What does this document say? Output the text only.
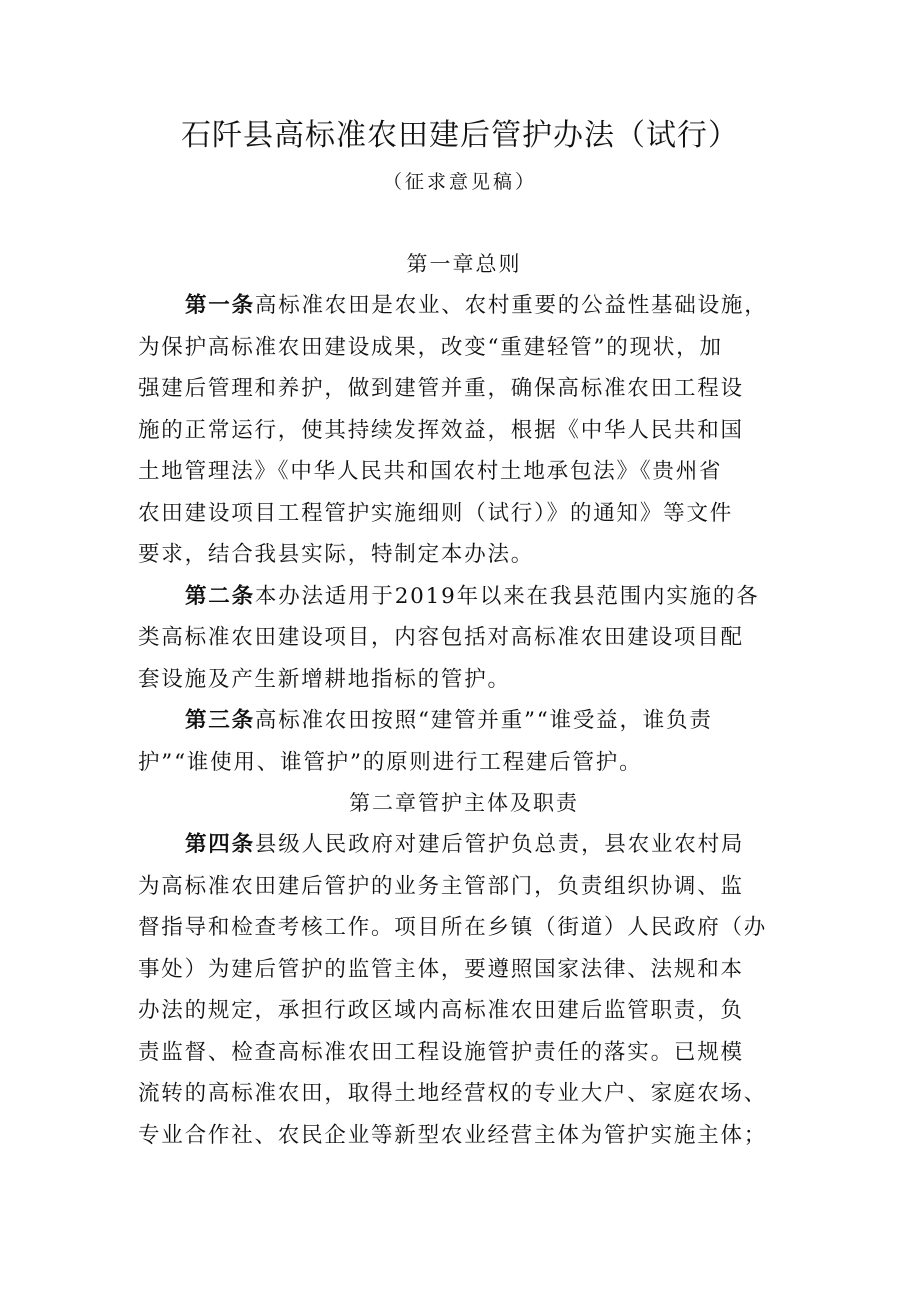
石阡县高标准农田建后管护办法（试行）
（征求意见稿）
第一章总则
第一条高标准农田是农业、农村重要的公益性基础设施，
为保护高标准农田建设成果，改变“重建轻管”的现状，加
强建后管理和养护，做到建管并重，确保高标准农田工程设
施的正常运行，使其持续发挥效益，根据《中华人民共和国
土地管理法》《中华人民共和国农村土地承包法》《贵州省
农田建设项目工程管护实施细则（试行）》的通知》等文件
要求，结合我县实际，特制定本办法。
第二条本办法适用于2019年以来在我县范围内实施的各
类高标准农田建设项目，内容包括对高标准农田建设项目配
套设施及产生新增耕地指标的管护。
第三条高标准农田按照“建管并重”“谁受益，谁负责
护”“谁使用、谁管护”的原则进行工程建后管护。
第二章管护主体及职责
第四条县级人民政府对建后管护负总责，县农业农村局
为高标准农田建后管护的业务主管部门，负责组织协调、监
督指导和检查考核工作。项目所在乡镇（街道）人民政府（办
事处）为建后管护的监管主体，要遵照国家法律、法规和本
办法的规定，承担行政区域内高标准农田建后监管职责，负
责监督、检查高标准农田工程设施管护责任的落实。已规模
流转的高标准农田，取得土地经营权的专业大户、家庭农场、
专业合作社、农民企业等新型农业经营主体为管护实施主体；
